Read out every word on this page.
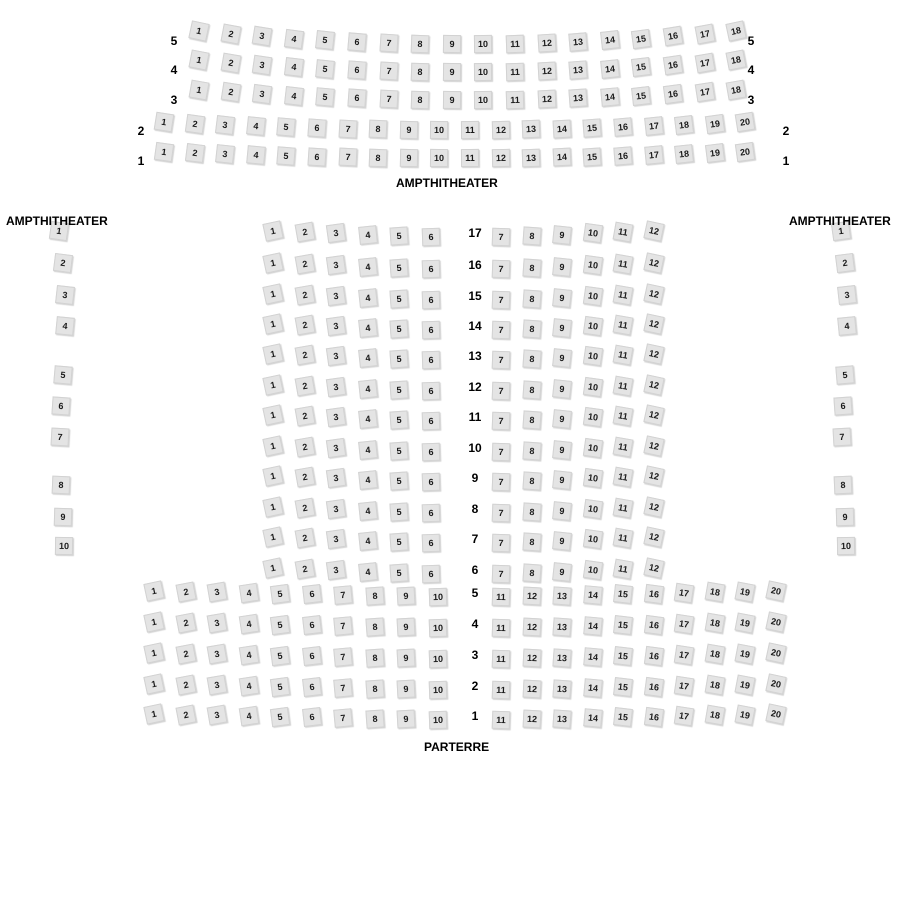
1	2	3	4	5	6	7	8	9	10	11	12	13	14	15	16	17	18
5	5
1	2	3	4	5	6	7	8	9	10	11	12	13	14	15	16	17	18
4	4
1	2	3	4	5	6	7	8	9	10	11	12	13	14	15	16	17	18
3	3
1	2	3	4	5	6	7	8	9	10	11	12	13	14	15	16	17	18	19	20
2	2
1	2	3	4	5	6	7	8	9	10	11	12	13	14	15	16	17	18	19	20
1	1
AMPTHITHEATER
1
2
3
4
5
6
7
8
9
10
AMPTHITHEATER
1
2
3
4
5
6
7
8
9
10
AMPTHITHEATER
1	2	3	4	5	6	7	8	9	10	11	12
17
1	2	3	4	5	6	7	8	9	10	11	12
16
1	2	3	4	5	6	7	8	9	10	11	12
15
1	2	3	4	5	6	7	8	9	10	11	12
14
1	2	3	4	5	6	7	8	9	10	11	12
13
1	2	3	4	5	6	7	8	9	10	11	12
12
1	2	3	4	5	6	7	8	9	10	11	12
11
1	2	3	4	5	6	7	8	9	10	11	12
10
1	2	3	4	5	6	7	8	9	10	11	12
9
1	2	3	4	5	6	7	8	9	10	11	12
8
1	2	3	4	5	6	7	8	9	10	11	12
7
1	2	3	4	5	6	7	8	9	10	11	12
6
1	2	3	4	5	6	7	8	9	10	11	12	13	14	15	16	17	18	19	20
5
1	2	3	4	5	6	7	8	9	10	11	12	13	14	15	16	17	18	19	20
4
1	2	3	4	5	6	7	8	9	10	11	12	13	14	15	16	17	18	19	20
3
1	2	3	4	5	6	7	8	9	10	11	12	13	14	15	16	17	18	19	20
2
1	2	3	4	5	6	7	8	9	10	11	12	13	14	15	16	17	18	19	20
1
PARTERRE
